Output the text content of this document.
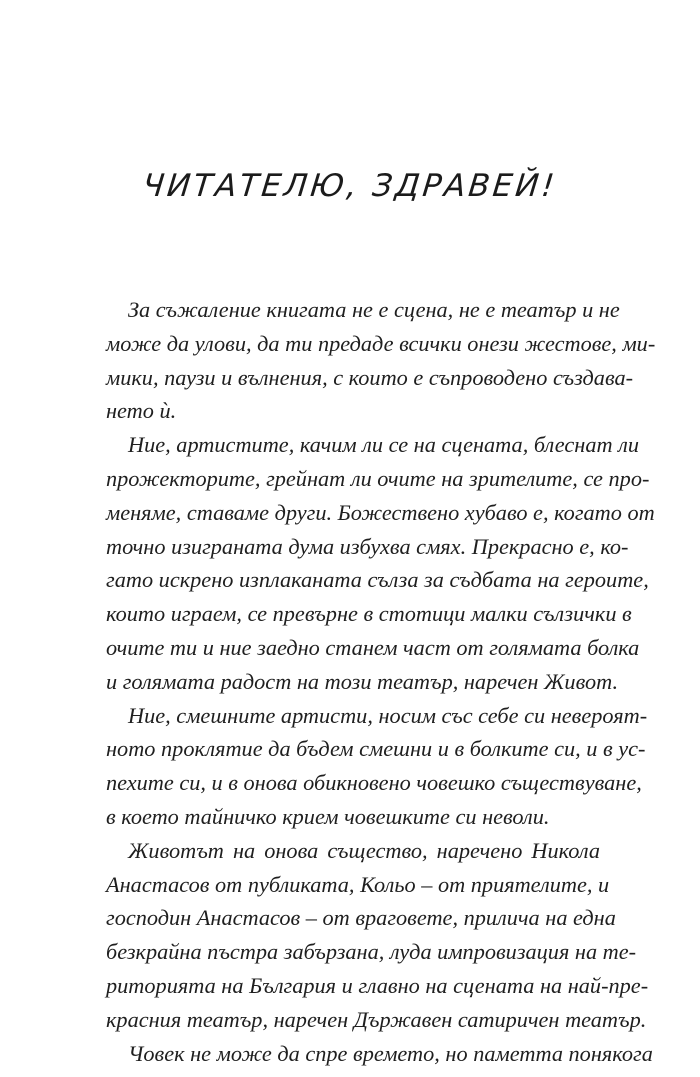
ЧИТАТЕЛЮ, ЗДРАВЕЙ!
За съжаление книгата не е сцена, не е театър и не
може да улови, да ти предаде всички онези жестове, ми-
мики, паузи и вълнения, с които е съпроводено създава-
нето ѝ.
Ние, артистите, качим ли се на сцената, блеснат ли
прожекторите, грейнат ли очите на зрителите, се про-
меняме, ставаме други. Божествено хубаво е, когато от
точно изиграната дума избухва смях. Прекрасно е, ко-
гато искрено изплаканата сълза за съдбата на героите,
които играем, се превърне в стотици малки сълзички в
очите ти и ние заедно станем част от голямата болка
и голямата радост на този театър, наречен Живот.
Ние, смешните артисти, носим със себе си невероят-
ното проклятие да бъдем смешни и в болките си, и в ус-
пехите си, и в онова обикновено човешко съществуване,
в което тайничко крием човешките си неволи.
Животът на онова същество, наречено Никола
Анастасов от публиката, Кольо – от приятелите, и
господин Анастасов – от враговете, прилича на една
безкрайна пъстра забързана, луда импровизация на те-
риторията на България и главно на сцената на най-пре-
красния театър, наречен Държавен сатиричен театър.
Човек не може да спре времето, но паметта понякога
